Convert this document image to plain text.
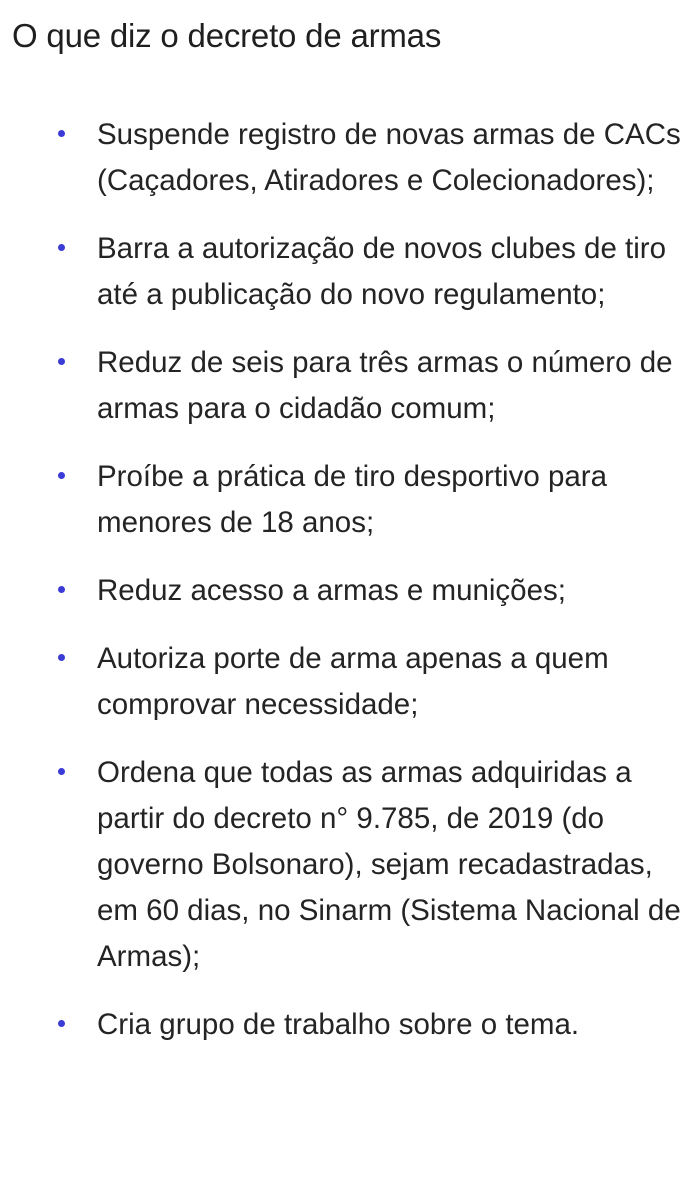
O que diz o decreto de armas
Suspende registro de novas armas de CACs (Caçadores, Atiradores e Colecionadores);
Barra a autorização de novos clubes de tiro até a publicação do novo regulamento;
Reduz de seis para três armas o número de armas para o cidadão comum;
Proíbe a prática de tiro desportivo para menores de 18 anos;
Reduz acesso a armas e munições;
Autoriza porte de arma apenas a quem comprovar necessidade;
Ordena que todas as armas adquiridas a partir do decreto n° 9.785, de 2019 (do governo Bolsonaro), sejam recadastradas, em 60 dias, no Sinarm (Sistema Nacional de Armas);
Cria grupo de trabalho sobre o tema.
